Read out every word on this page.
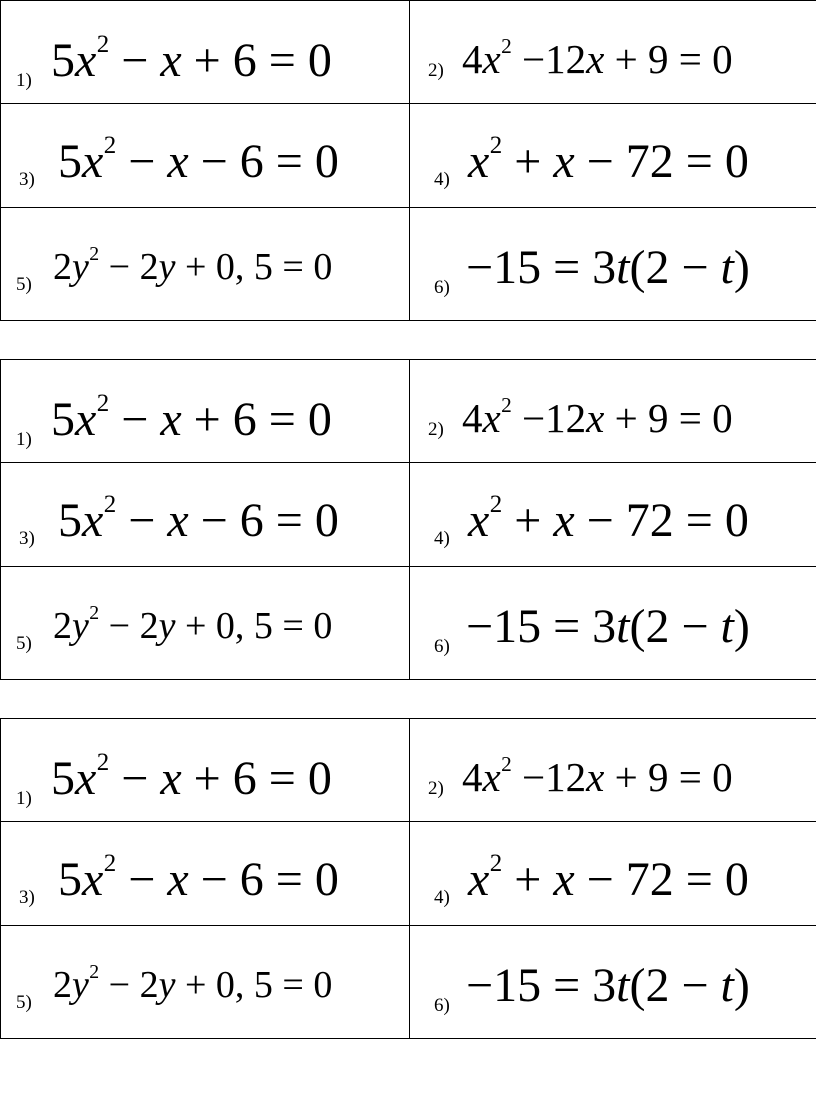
1) $5x^2 - x + 6 = 0$	2) $4x^2 -12x + 9 = 0$

3) $5x^2 - x - 6 = 0$	4) $x^2 + x - 72 = 0$

5) $2y^2 - 2y + 0$, 5 = 0	6) −15 = 3t(2 − t)
1) $5x^2 - x + 6 = 0$	2) $4x^2 -12x + 9 = 0$

3) $5x^2 - x - 6 = 0$	4) $x^2 + x - 72 = 0$

5) $2y^2 - 2y + 0$, 5 = 0	6) −15 = 3t(2 − t)
1) $5x^2 - x + 6 = 0$	2) $4x^2 -12x + 9 = 0$

3) $5x^2 - x - 6 = 0$	4) $x^2 + x - 72 = 0$

5) $2y^2 - 2y + 0$, 5 = 0	6) −15 = 3t(2 − t)
